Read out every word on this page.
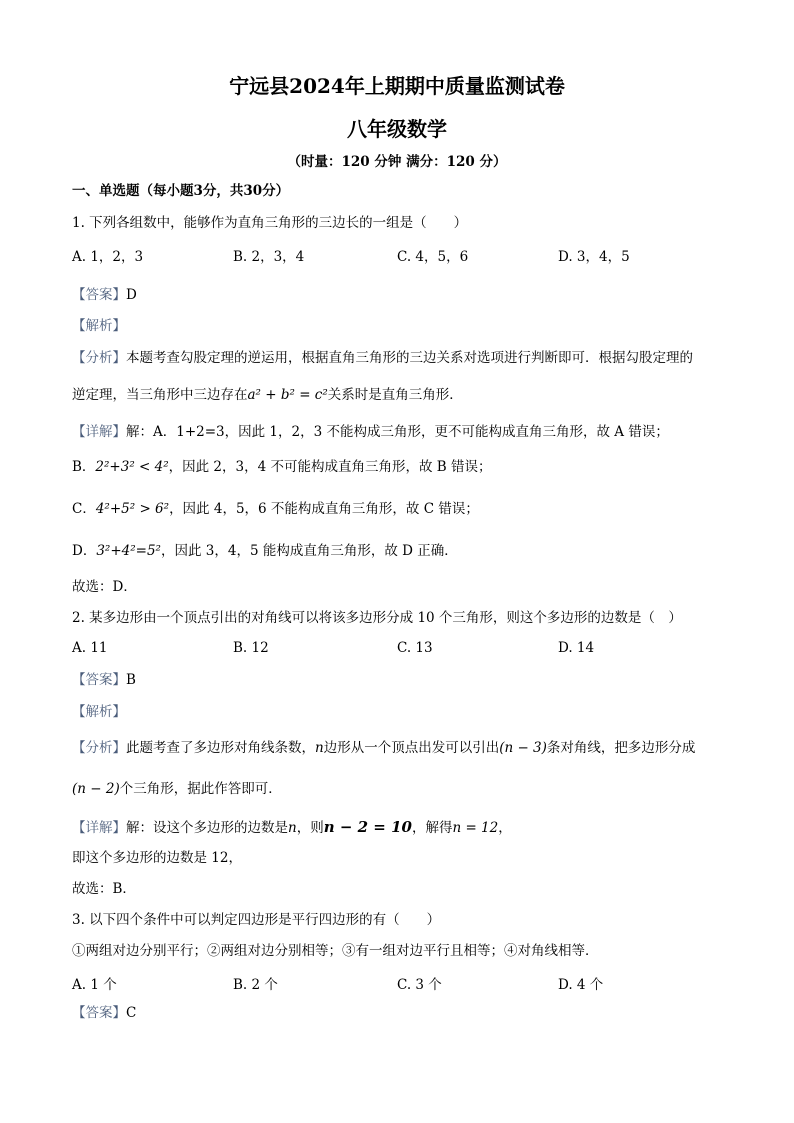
宁远县2024年上期期中质量监测试卷
八年级数学
（时量：120 分钟 满分：120 分）
一、单选题（每小题3分，共30分）
1. 下列各组数中，能够作为直角三角形的三边长的一组是（　　）
A. 1，2，3	B. 2，3，4	C. 4，5，6	D. 3，4，5
【答案】D
【解析】
【分析】本题考查勾股定理的逆运用，根据直角三角形的三边关系对选项进行判断即可．根据勾股定理的
逆定理，当三角形中三边存在a² + b² = c²关系时是直角三角形．
【详解】解：A．1+2=3，因此 1，2，3 不能构成三角形，更不可能构成直角三角形，故 A 错误；
B．2²+3² < 4²，因此 2，3，4 不可能构成直角三角形，故 B 错误；
C．4²+5² > 6²，因此 4，5，6 不能构成直角三角形，故 C 错误；
D．3²+4²=5²，因此 3，4，5 能构成直角三角形，故 D 正确．
故选：D．
2. 某多边形由一个顶点引出的对角线可以将该多边形分成 10 个三角形，则这个多边形的边数是（　）
A. 11	B. 12	C. 13	D. 14
【答案】B
【解析】
【分析】此题考查了多边形对角线条数，n边形从一个顶点出发可以引出(n − 3)条对角线，把多边形分成
(n − 2)个三角形，据此作答即可．
【详解】解：设这个多边形的边数是n，则n − 2 = 10，解得n = 12，
即这个多边形的边数是 12，
故选：B．
3. 以下四个条件中可以判定四边形是平行四边形的有（　　）
①两组对边分别平行；②两组对边分别相等；③有一组对边平行且相等；④对角线相等．
A. 1 个	B. 2 个	C. 3 个	D. 4 个
【答案】C
